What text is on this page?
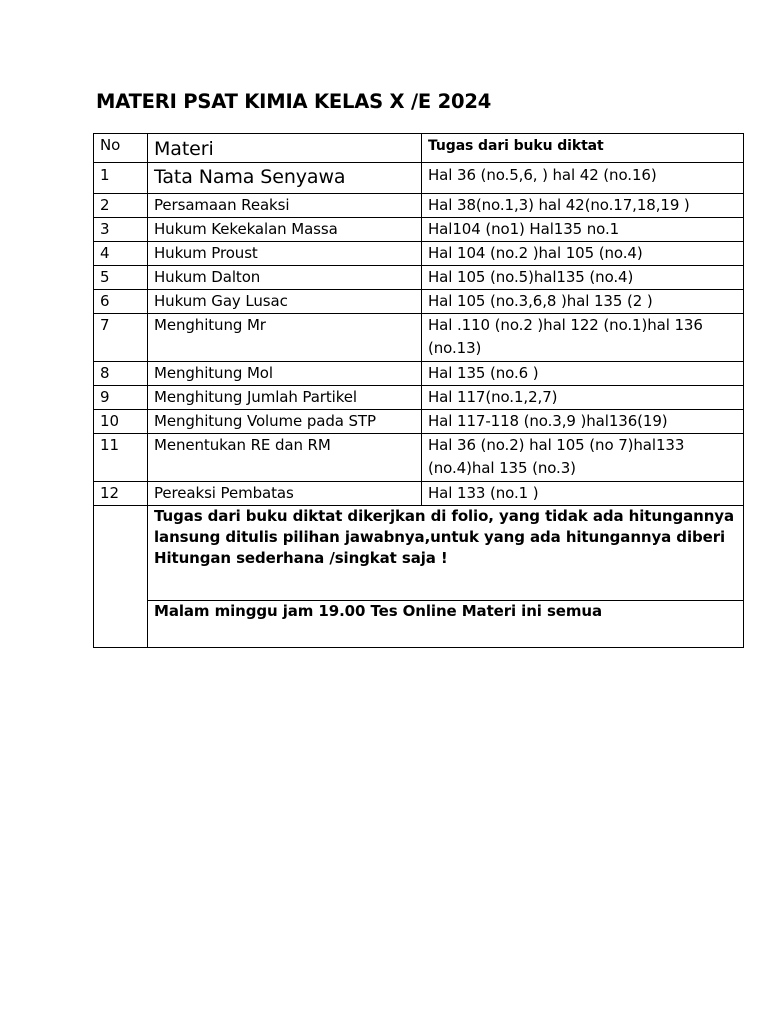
MATERI PSAT KIMIA KELAS X /E 2024
No	Materi	Tugas dari buku diktat
1	Tata Nama Senyawa	Hal 36 (no.5,6, ) hal 42 (no.16)
2	Persamaan Reaksi	Hal 38(no.1,3) hal 42(no.17,18,19 )
3	Hukum Kekekalan Massa	Hal104 (no1) Hal135 no.1
4	Hukum Proust	Hal 104 (no.2 )hal 105 (no.4)
5	Hukum Dalton	Hal 105 (no.5)hal135 (no.4)
6	Hukum Gay Lusac	Hal 105 (no.3,6,8 )hal 135 (2 )
7	Menghitung Mr	Hal .110 (no.2 )hal 122 (no.1)hal 136 (no.13)
8	Menghitung Mol	Hal 135 (no.6 )
9	Menghitung Jumlah Partikel	Hal 117(no.1,2,7)
10	Menghitung Volume pada STP	Hal 117-118 (no.3,9 )hal136(19)
11	Menentukan RE dan RM	Hal 36 (no.2) hal 105 (no 7)hal133 (no.4)hal 135 (no.3)
12	Pereaksi Pembatas	Hal 133 (no.1 )
	Tugas dari buku diktat dikerjkan di folio, yang tidak ada hitungannya lansung ditulis pilihan jawabnya,untuk yang ada hitungannya diberi Hitungan sederhana /singkat saja !	
	Malam minggu jam 19.00 Tes Online Materi ini semua	
